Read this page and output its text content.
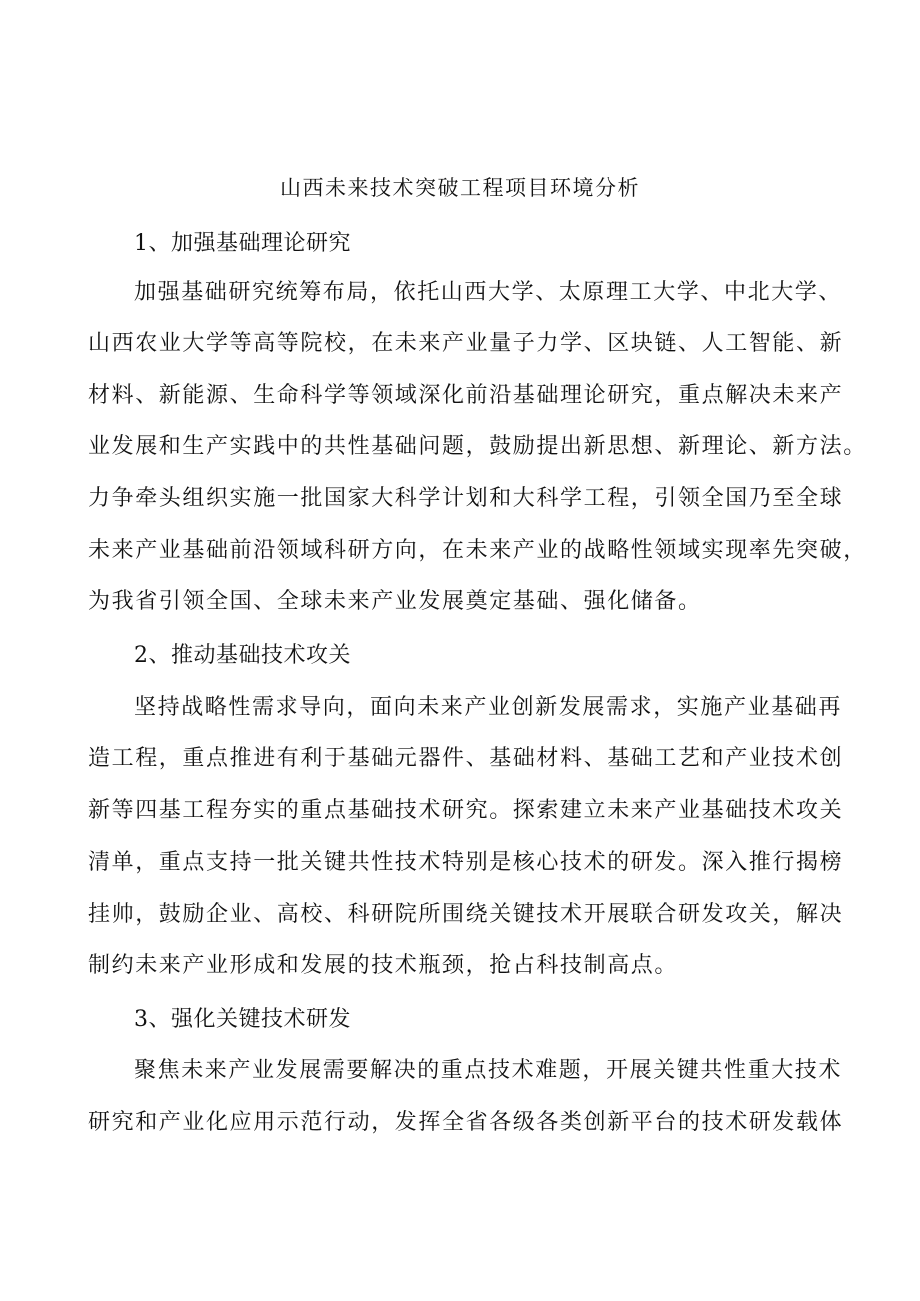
山西未来技术突破工程项目环境分析
1、加强基础理论研究
加强基础研究统筹布局，依托山西大学、太原理工大学、中北大学、
山西农业大学等高等院校，在未来产业量子力学、区块链、人工智能、新
材料、新能源、生命科学等领域深化前沿基础理论研究，重点解决未来产
业发展和生产实践中的共性基础问题，鼓励提出新思想、新理论、新方法。
力争牵头组织实施一批国家大科学计划和大科学工程，引领全国乃至全球
未来产业基础前沿领域科研方向，在未来产业的战略性领域实现率先突破，
为我省引领全国、全球未来产业发展奠定基础、强化储备。
2、推动基础技术攻关
坚持战略性需求导向，面向未来产业创新发展需求，实施产业基础再
造工程，重点推进有利于基础元器件、基础材料、基础工艺和产业技术创
新等四基工程夯实的重点基础技术研究。探索建立未来产业基础技术攻关
清单，重点支持一批关键共性技术特别是核心技术的研发。深入推行揭榜
挂帅，鼓励企业、高校、科研院所围绕关键技术开展联合研发攻关，解决
制约未来产业形成和发展的技术瓶颈，抢占科技制高点。
3、强化关键技术研发
聚焦未来产业发展需要解决的重点技术难题，开展关键共性重大技术
研究和产业化应用示范行动，发挥全省各级各类创新平台的技术研发载体
